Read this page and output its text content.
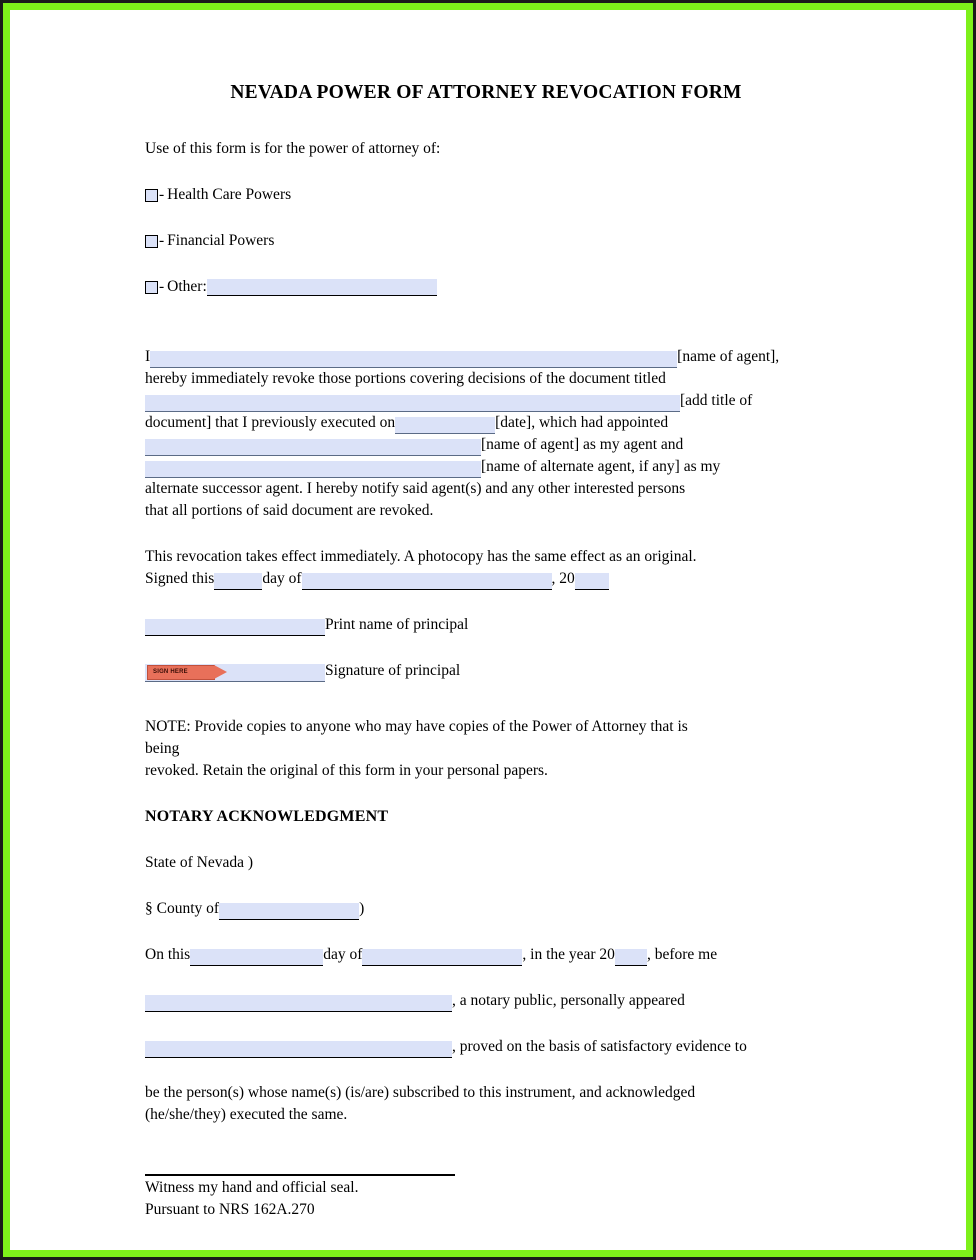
NEVADA POWER OF ATTORNEY REVOCATION FORM

Use of this form is for the power of attorney of:

- Health Care Powers
- Financial Powers
- Other:
I	[name of agent],
hereby immediately revoke those portions covering decisions of the document titled
[add title of
document] that I previously executed on	[date], which had appointed
[name of agent] as my agent and
[name of alternate agent, if any] as my
alternate successor agent. I hereby notify said agent(s) and any other interested persons
that all portions of said document are revoked.
This revocation takes effect immediately. A photocopy has the same effect as an original.
Signed this	day of	, 20
Print name of principal

SIGN HERE

	Signature of principal
NOTE: Provide copies to anyone who may have copies of the Power of Attorney that is
being
revoked. Retain the original of this form in your personal papers.
NOTARY ACKNOWLEDGMENT
State of Nevada )
§ County of	)
On this	day of	, in the year 20 , before me
, a notary public, personally appeared
, proved on the basis of satisfactory evidence to
be the person(s) whose name(s) (is/are) subscribed to this instrument, and acknowledged
(he/she/they) executed the same.
Witness my hand and official seal.
Pursuant to NRS 162A.270
